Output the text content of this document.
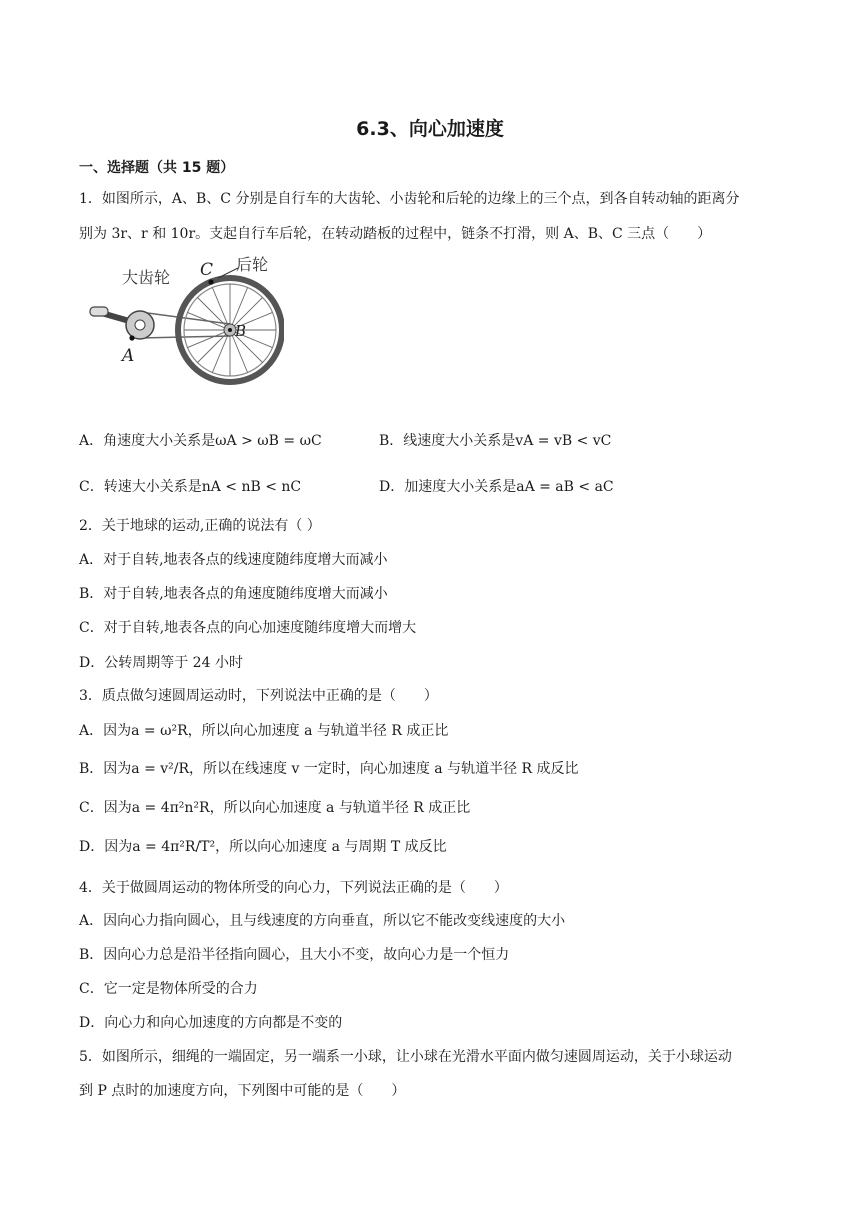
6.3、向心加速度
一、选择题（共 15 题）
1．如图所示，A、B、C 分别是自行车的大齿轮、小齿轮和后轮的边缘上的三个点，到各自转动轴的距离分
别为 3r、r 和 10r。支起自行车后轮，在转动踏板的过程中，链条不打滑，则 A、B、C 三点（　　）
大齿轮
后轮
A
B
C
A．角速度大小关系是ωA > ωB = ωC	B．线速度大小关系是vA = vB < vC
C．转速大小关系是nA < nB < nC	D．加速度大小关系是aA = aB < aC
2．关于地球的运动,正确的说法有（ ）
A．对于自转,地表各点的线速度随纬度增大而减小
B．对于自转,地表各点的角速度随纬度增大而减小
C．对于自转,地表各点的向心加速度随纬度增大而增大
D．公转周期等于 24 小时
3．质点做匀速圆周运动时，下列说法中正确的是（　　）
A．因为a = ω²R，所以向心加速度 a 与轨道半径 R 成正比
B．因为a = v²/R，所以在线速度 v 一定时，向心加速度 a 与轨道半径 R 成反比
C．因为a = 4π²n²R，所以向心加速度 a 与轨道半径 R 成正比
D．因为a = 4π²R/T²，所以向心加速度 a 与周期 T 成反比
4．关于做圆周运动的物体所受的向心力，下列说法正确的是（　　）
A．因向心力指向圆心，且与线速度的方向垂直，所以它不能改变线速度的大小
B．因向心力总是沿半径指向圆心，且大小不变，故向心力是一个恒力
C．它一定是物体所受的合力
D．向心力和向心加速度的方向都是不变的
5．如图所示，细绳的一端固定，另一端系一小球，让小球在光滑水平面内做匀速圆周运动，关于小球运动
到 P 点时的加速度方向，下列图中可能的是（　　）
